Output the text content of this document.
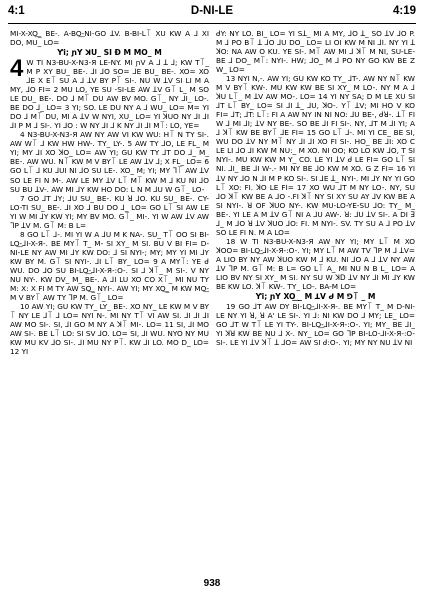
4:1	D-NI-LE	4:19

MI-X-XO͟_ BE-. A-BO͟-NI-GO ꓕV. B-BI-L꓄ XU KW A ⅃ XI DO, MU_ LO=

Ƴi; ɲY ꓘU_ SI Ð M MO_ M

4 W TI N3-BU-X-N3-Я LE-NY. MI ɲV A ⅃ ꓕ ⅃; KW T꓄_ M P XY BU_ BE-. ⅃I ⅃O SO= ⅃E BU_ BE-. XO= XO ⅃E X E꓄ SU A ⅃ ꓕV BY P꓄ SI-. NU W ꓕV SI LI M A MY, ⅃O FI= 2 MU LO, YE SU -SI-LE AW ꓕV G꓄ L_ M SO LE DU_ BE-. DO ⅃ M꓄ DU AW BV MO. G꓄_ NY ⅃I_ LO-. BE DO ⅃_ LO= 3 YI; SO. LE DU NY A ⅃ WU_ LO= M= YI DO ⅃ M꓄ DU, MI A ꓕV W NYI, XU_ LO= YI ꓘUO NY ⅃I ⅃I ⅃I P M ⅃ SI-. YI ⅃O : W NY ⅃I ⅃ K NY ⅃I ⅃I M꓄: LO, YE=

4 N3-BU-X-N3-Я AW NY AW VI KW WU: H꓄ N TY SI-. AW W꓄ ⅃ KW HW HW-. TY_ LY-. 5 AW TY ⅃O, LE FL_ M YI; MY ⅃I XO ꓘO_ LO= AW YI; GU KW TY ⅃T DO ⅃_ M_ BE-. AW WU. N꓄ KW M V BY꓄ LE AW ꓕV ⅃; X FL_ LO= 6 GO L꓄ ⅃ KU ⅃UI NI ⅃O SU LE-. XO_ M; YI; MY ᒣ꓄ AW ꓕV SO LE FI N M-. AW LE MY ꓕV L꓄ M꓄ KW M ⅃ KU NI ⅃O SU BU ꓕV-. AW MI ⅃Y KW HO DO: L N M ⅃U W G꓄_ LO-

7 GO ⅃T ⅃Y; ⅃U SU_ BE-. KU ꓤ ⅃O. KU SU_ BE-. CY-LO-TI SU_ BE-. ⅃I XO ⅃ BU DO ⅃_ LO= GO L꓄ SI AW LE YI W MI ⅃Y KW YI; MY BV MO. G꓄_ MI-. YI W AW ꓕV AW ᒣP ꓕV M. G꓄ M: B L=

8 GO L꓄ ⅃-. MI YI W A ⅃U M K NA-. SU_ T꓄ OO SI BI-LO͟-⅃I-X-Я-. BE MY꓄ T_ M- SI XY_ M SI. BU V BI FI= D-NI-LE NY AW MI ⅃Y KW DO: ⅃ SI NYI-; MY; MY YI MI ⅃Y KW BY M. G꓄ SI NYI-. ⅃I L꓄ BY_ LO= 9 A MY꓄: YE ᑯ WU. DO ⅃O SU BI-LO͟-⅃I-X-Я-:O-. SI ⅃ ꓘ꓄_ M SI-. V NY NU NY-. KW DV_ M_ BE-. A ⅃I LU XO CO X꓄_ MI NU TY M: X: X FI M TY AW SO͟_ NYI-. AW YI; MY XO͟_ M KW MO͟- M V BY꓄ AW TY ᒣP M. G꓄_ LO=

10 AW YI; GU KW TY_ LY_ BE-. XO NY_ LE KW M V BY꓄ NY LE ⅃꓄ ⅃ LO= NYI N-. MI NY T꓄ VI AW SI. ⅃I ⅃I ⅃I AW MO SI-. SI, ⅃I GO M NY A ꓘ꓄ MI-. LO= 11 SI, ⅃I MO AW SI-. BE L꓄ LO: SI SV ⅃O. LO= SI, ⅃I WU. NYO NY MU KW MU KV ⅃O SI-. ⅃I MU NY P꓄. KW ⅃I LO. MO D_ LO= 12 YI

ᑯY: NY LO. BI_ LO= YI Sꓕ_ MI A MY, ⅃O ꓕ_ SO ꓕV ⅃O P. M ⅃ PO B꓄ ꓕ ⅃O ⅃U DO_ LO= LI OI KW M NI ⅃I. NY YI ꓕ ꓘO: NA AW O KU. YE SI-. M꓄ AW MI ⅃ ꓘ꓄ M NI, SU-LE-BE ⅃ DO_ M꓄: NYI-. HW; ⅃O_ M ⅃ PO NY GO KW BE Z W_ LO=

13 NYI N,-. AW YI; GU KW KO TY_ ⅃T-. AW NY N꓄ KW M V BY꓄ KW-. MU KW KW BE SI XY_ M LO-. NY M A ⅃ ꓘU L꓄_ M ꓕV AW MO-. LO= 14 YI NY SA; D M LE XU SI ⅃T L꓄ BY_ LO= SI ⅃I ꓕ_ ⅃U, ꓘO-. Y꓄ ꓕV; MI HO V KO FI= ⅃T; ⅃T: L꓄: FI A AW NY IN NI NO: ⅃U BE-, ᑯꓤ-. ꓕ꓄ FI W ⅃ MI ⅃I; ꓕV NY BE-. SO BE ⅃I FI SI-. NY, ⅃T M ⅃I YI; A ⅃ ꓘ꓄ KW BE BY꓄ ⅃E FI= 15 GO L꓄ ⅃-. MI YI CE_ BE SI, WU DO ꓕV NY M꓄ NY ⅃I ⅃I XO FI SI-. HO_ BE ⅃I: XO C LE LI ⅃O ⅃I KW M NU:_ M XO. NI OO; KO LO KW ⅃O, T SI NYI-. MU KW KW M Y_ CO. LE YI ꓕV ᑯ LE FI= GO L꓄ SI NI. ⅃I_ BE ⅃I W-.- MI NY BE ⅃O KW M XO. G Z FI= 16 YI ꓕV NY ⅃O N ⅃I M P KO SI-. SI ⅃E ꓕ_ NYI-. MI ⅃Y NY YI GO L꓄ XO: FI. ꓘO LE FI= 17 XO WU ⅃T M NY LO-. NY, SU ⅃O ꓘ꓄ KW BE A ⅃O -.FI ꓘ꓄ NY SI XY SU AY ⅃V KW BE A SI NYI-. ꓤ OF ꓘUO NY-. KW MU-LO-YE-SU ⅃O: TY_ M_ BE-. YI LE A M ꓕV G꓄ NI A ⅃U AW-. ꓤ: ⅃U ꓕV SI-. A DI ꓱ ⅃_ M ⅃O ꓤ ꓕV ꓘUO ⅃O: FI. M NYI-. SV. TY SU A ⅃ PO ꓕV SO LE FI N. M A LO=

18 W TI N3-BU-X-N3-Я AW NY YI; MY L꓄ M XO ꓘOO= BI-LO͟-⅃I-X-Я-:O-. YI; MY L꓄ M AW TV ᒣP M ⅃ ꓕV= A LIO BY NY AW ꓘUO KW M ⅃ KU. NI ⅃O A ⅃ ꓕV NY AW ꓕV ᒣP M. G꓄ M: B L= GO L꓄ A_ MI NU N B L_ LO= A LIO BV NY SI XY_ M SI. NY SU W ꓘꓓ ꓕV NY ⅃I MI ⅃Y KW BE KW LO. ꓘ꓄ KW-. TY_ LO-. BA-M LO=

Ƴi; ɲY XO͟ _ M ꓕV ᑯ M ꓨ꓄ _ M

19 GO ⅃T AW DY BI-LO͟-⅃I-X-Я-. BE MY꓄ T_ M D-NI-LE NY YI ꓤ, ꓤ A' LE SI-. YI ⅃: NI KW DO ⅃ MY; LE_ LO= GO ⅃T W T꓄ LE YI TY-. BI-LO͟-⅃I-X-Я-:O-. YI; MY_ BE ⅃I_ YI ꓘꓤ KW BE NU ⅃ X-. NY_ LO= GO ᒣP BI-LO-⅃I-X-Я-:O- SI-. LE YI ꓕV ꓘ꓄ ꓕ ⅃O= AW SI ᑯ:O-. YI; MY NY NU ꓕV NI

938
